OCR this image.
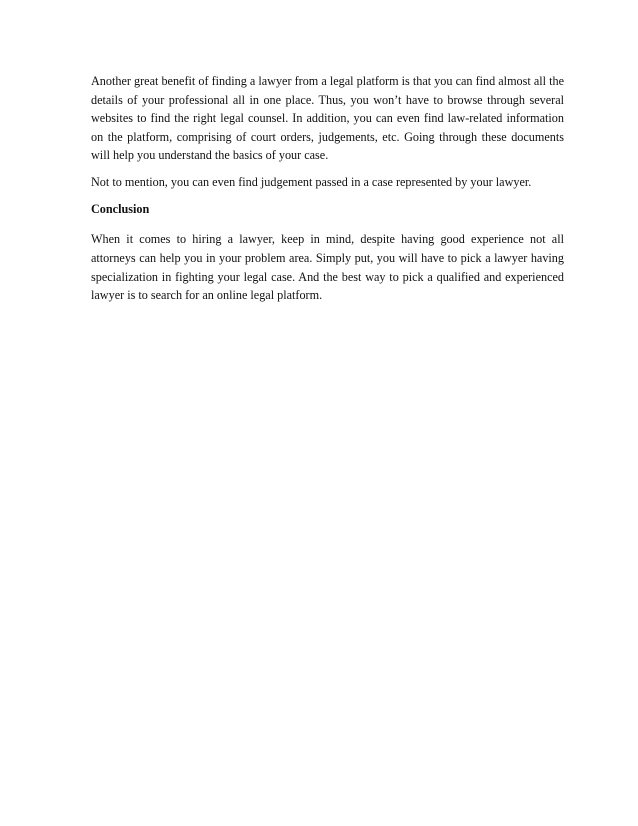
Another great benefit of finding a lawyer from a legal platform is that you can find almost all the details of your professional all in one place. Thus, you won’t have to browse through several websites to find the right legal counsel. In addition, you can even find law-related information on the platform, comprising of court orders, judgements, etc. Going through these documents will help you understand the basics of your case.

Not to mention, you can even find judgement passed in a case represented by your lawyer.

Conclusion

When it comes to hiring a lawyer, keep in mind, despite having good experience not all attorneys can help you in your problem area. Simply put, you will have to pick a lawyer having specialization in fighting your legal case. And the best way to pick a qualified and experienced lawyer is to search for an online legal platform.
